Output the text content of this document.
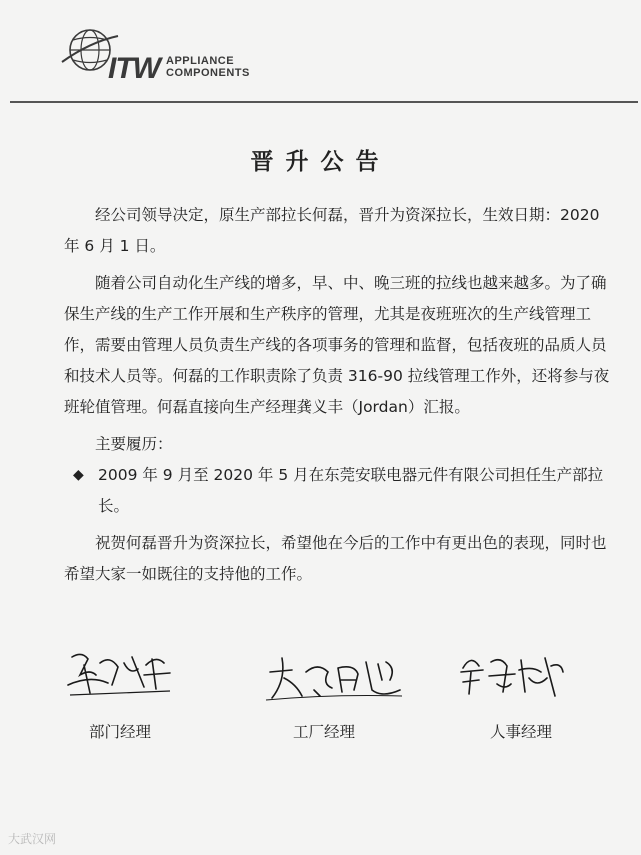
ITW APPLIANCE
COMPONENTS
晋升公告

经公司领导决定，原生产部拉长何磊，晋升为资深拉长，生效日期：2020 年 6 月 1 日。

随着公司自动化生产线的增多，早、中、晚三班的拉线也越来越多。为了确保生产线的生产工作开展和生产秩序的管理，尤其是夜班班次的生产线管理工作，需要由管理人员负责生产线的各项事务的管理和监督，包括夜班的品质人员和技术人员等。何磊的工作职责除了负责 316-90 拉线管理工作外，还将参与夜班轮值管理。何磊直接向生产经理龚义丰（Jordan）汇报。

主要履历：

◆ 2009 年 9 月至 2020 年 5 月在东莞安联电器元件有限公司担任生产部拉长。

祝贺何磊晋升为资深拉长，希望他在今后的工作中有更出色的表现，同时也希望大家一如既往的支持他的工作。

部门经理	工厂经理	人事经理
大武汉网
